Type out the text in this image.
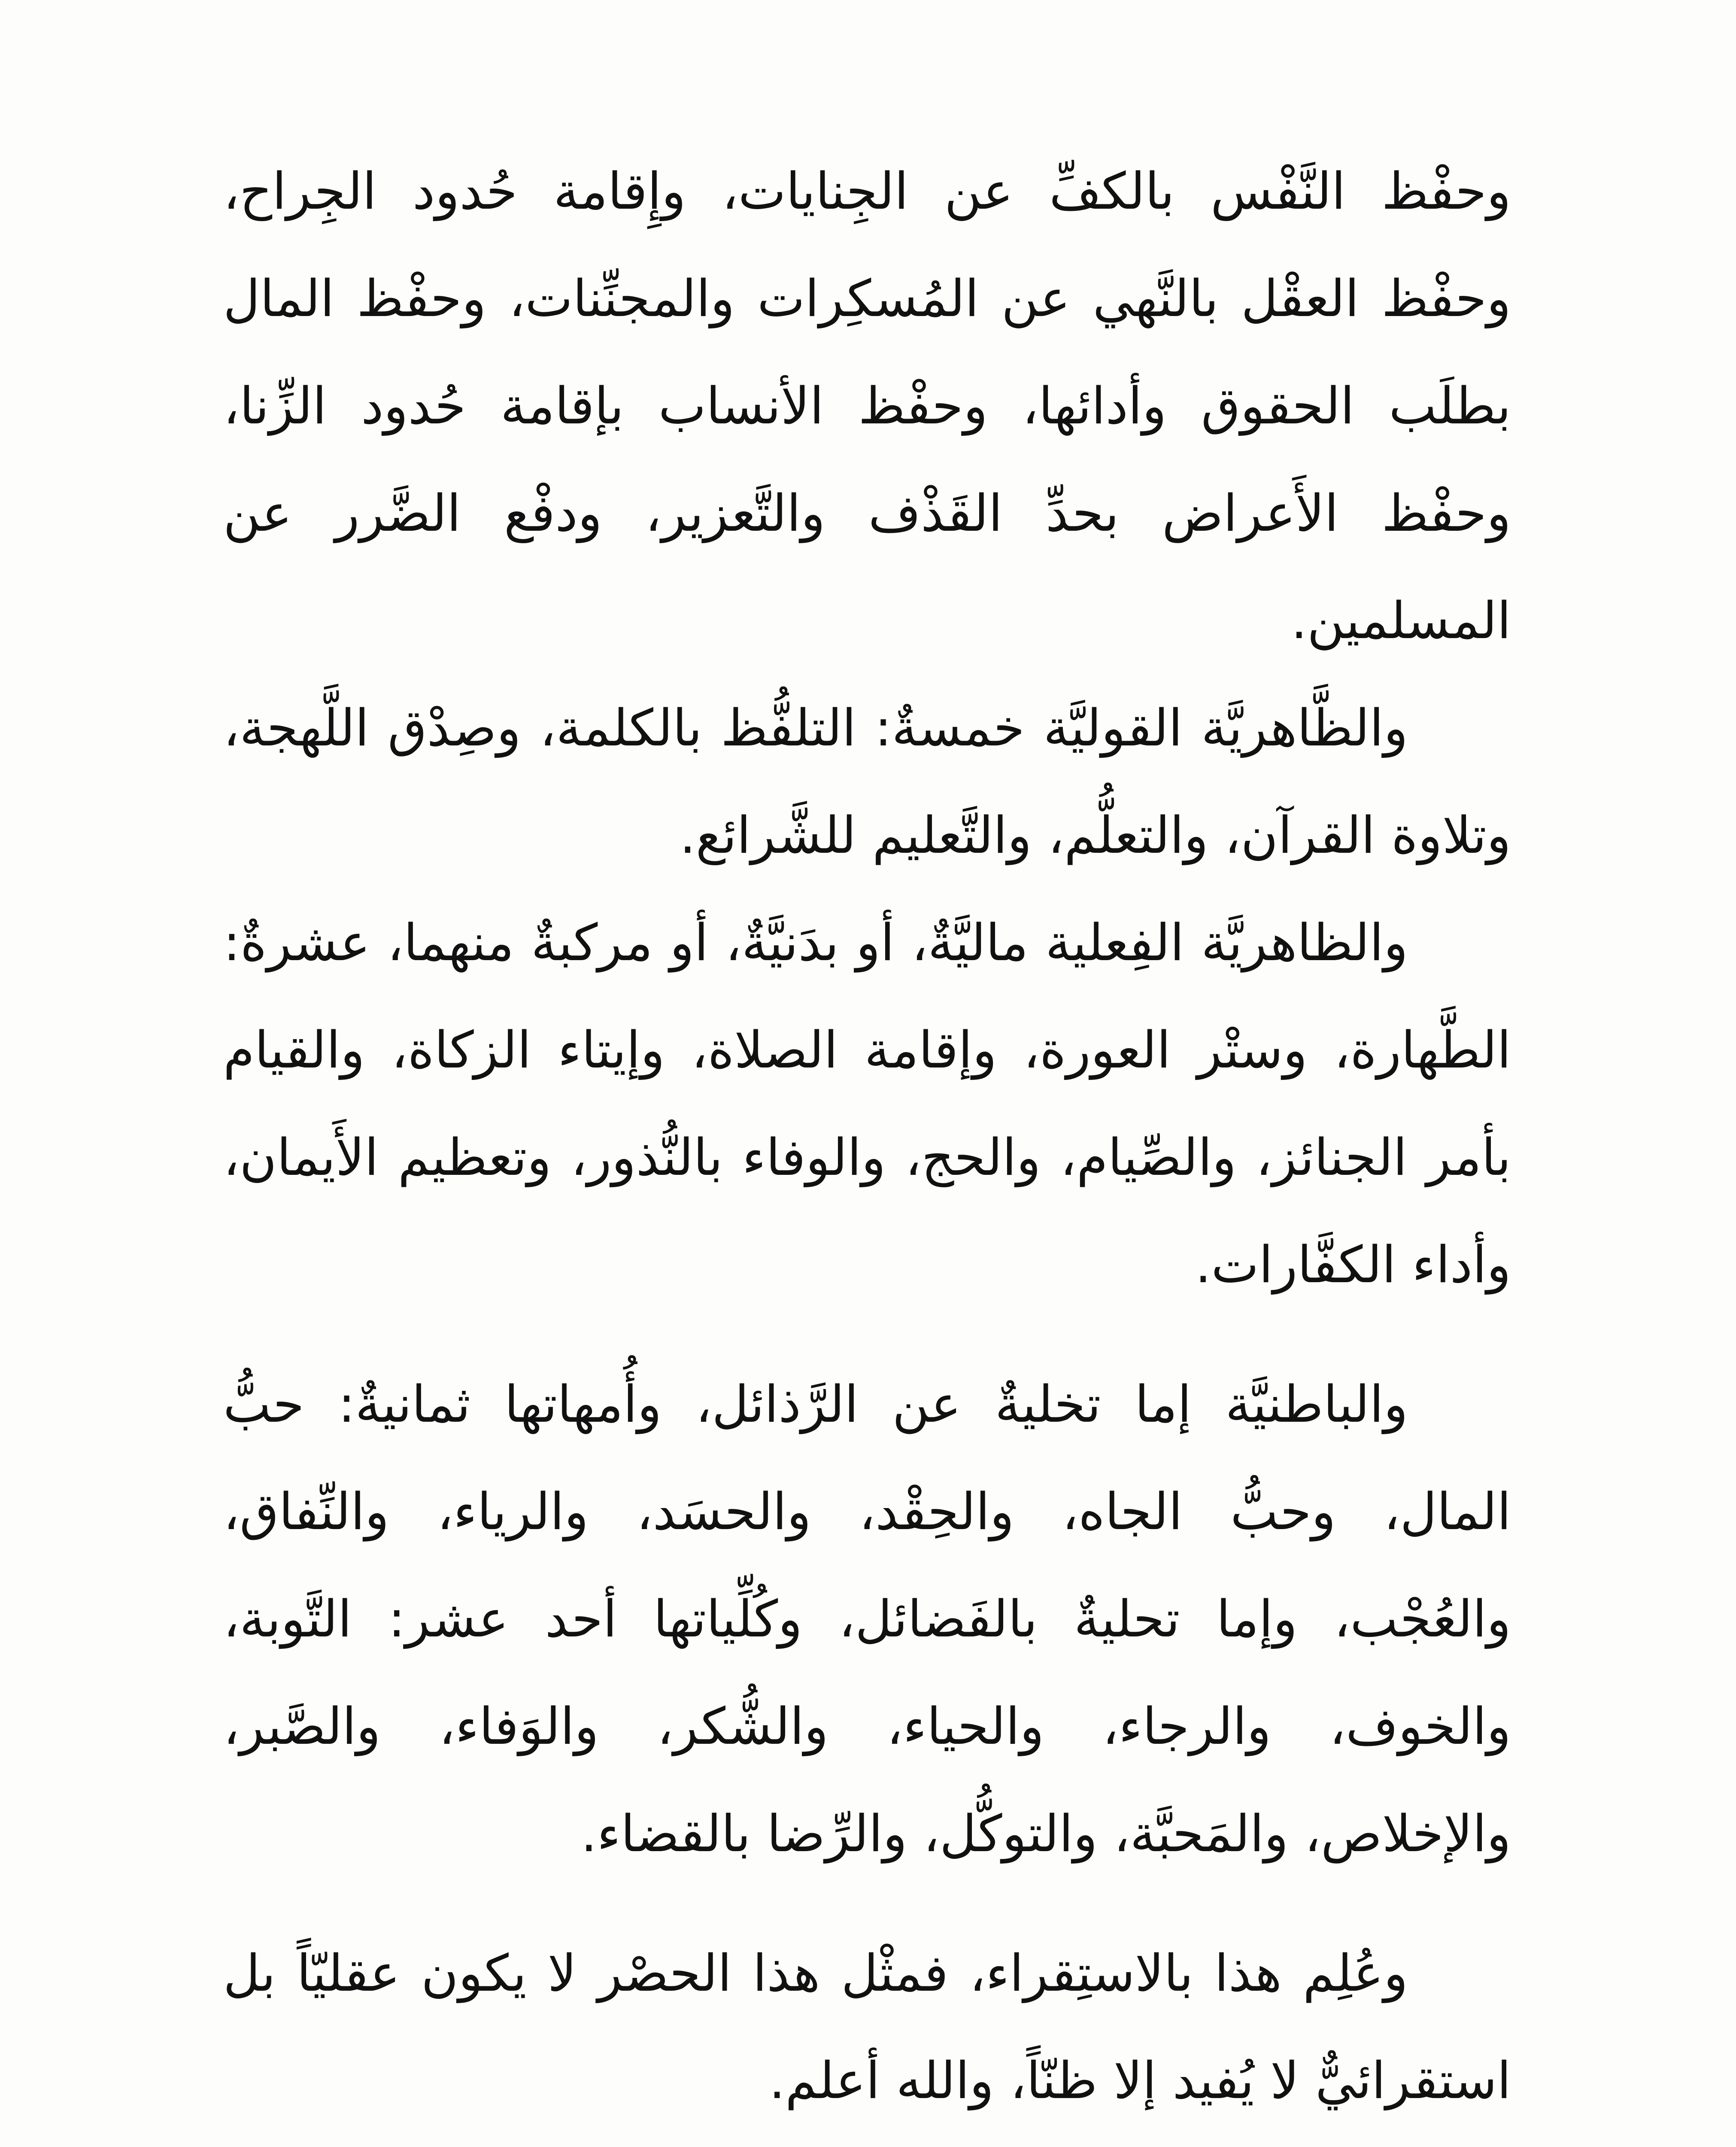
وحفْظ النَّفْس بالكفِّ عن الجِنايات، وإِقامة حُدود الجِراح، وحفْظ العقْل بالنَّهي عن المُسكِرات والمجنِّنات، وحفْظ المال بطلَب الحقوق وأدائها، وحفْظ الأنساب بإقامة حُدود الزِّنا، وحفْظ الأَعراض بحدِّ القَذْف والتَّعزير، ودفْع الضَّرر عن المسلمين.

والظَّاهريَّة القوليَّة خمسةٌ: التلفُّظ بالكلمة، وصِدْق اللَّهجة، وتلاوة القرآن، والتعلُّم، والتَّعليم للشَّرائع.

والظاهريَّة الفِعلية ماليَّةٌ، أو بدَنيَّةٌ، أو مركبةٌ منهما، عشرةٌ: الطَّهارة، وستْر العورة، وإقامة الصلاة، وإيتاء الزكاة، والقيام بأمر الجنائز، والصِّيام، والحج، والوفاء بالنُّذور، وتعظيم الأَيمان، وأداء الكفَّارات.

والباطنيَّة إما تخليةٌ عن الرَّذائل، وأُمهاتها ثمانيةٌ: حبُّ المال، وحبُّ الجاه، والحِقْد، والحسَد، والرياء، والنِّفاق، والعُجْب، وإما تحليةٌ بالفَضائل، وكُلِّياتها أحد عشر: التَّوبة، والخوف، والرجاء، والحياء، والشُّكر، والوَفاء، والصَّبر، والإخلاص، والمَحبَّة، والتوكُّل، والرِّضا بالقضاء.

وعُلِم هذا بالاستِقراء، فمثْل هذا الحصْر لا يكون عقليّاً بل استقرائيٌّ لا يُفيد إلا ظنّاً، والله أعلم.
